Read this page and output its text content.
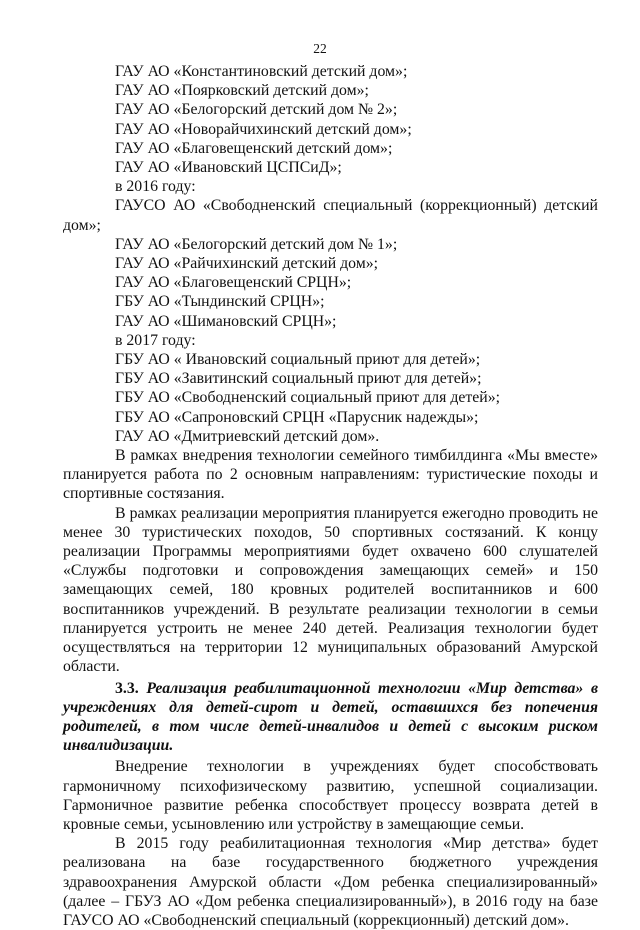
22

ГАУ АО «Константиновский детский дом»;

ГАУ АО «Поярковский детский дом»;

ГАУ АО «Белогорский детский дом № 2»;

ГАУ АО «Новорайчихинский детский дом»;

ГАУ АО «Благовещенский детский дом»;

ГАУ АО «Ивановский ЦСПСиД»;

в 2016 году:

ГАУСО АО «Свободненский специальный (коррекционный) детский дом»;

ГАУ АО «Белогорский детский дом № 1»;

ГАУ АО «Райчихинский детский дом»;

ГАУ АО «Благовещенский СРЦН»;

ГБУ АО «Тындинский СРЦН»;

ГАУ АО «Шимановский СРЦН»;

в 2017 году:

ГБУ АО « Ивановский социальный приют для детей»;

ГБУ АО «Завитинский социальный приют для детей»;

ГБУ АО «Свободненский социальный приют для детей»;

ГБУ АО «Сапроновский СРЦН «Парусник надежды»;

ГАУ АО «Дмитриевский детский дом».

В рамках внедрения технологии семейного тимбилдинга «Мы вместе» планируется работа по 2 основным направлениям: туристические походы и спортивные состязания.

В рамках реализации мероприятия планируется ежегодно проводить не менее 30 туристических походов, 50 спортивных состязаний. К концу реализации Программы мероприятиями будет охвачено 600 слушателей «Службы подготовки и сопровождения замещающих семей» и 150 замещающих семей, 180 кровных родителей воспитанников и 600 воспитанников учреждений. В результате реализации технологии в семьи планируется устроить не менее 240 детей. Реализация технологии будет осуществляться на территории 12 муниципальных образований Амурской области.

3.3. Реализация реабилитационной технологии «Мир детства» в учреждениях для детей-сирот и детей, оставшихся без попечения родителей, в том числе детей-инвалидов и детей с высоким риском инвалидизации.

Внедрение технологии в учреждениях будет способствовать гармоничному психофизическому развитию, успешной социализации. Гармоничное развитие ребенка способствует процессу возврата детей в кровные семьи, усыновлению или устройству в замещающие семьи.

В 2015 году реабилитационная технология «Мир детства» будет реализована на базе государственного бюджетного учреждения здравоохранения Амурской области «Дом ребенка специализированный» (далее – ГБУЗ АО «Дом ребенка специализированный»), в 2016 году на базе ГАУСО АО «Свободненский специальный (коррекционный) детский дом».
